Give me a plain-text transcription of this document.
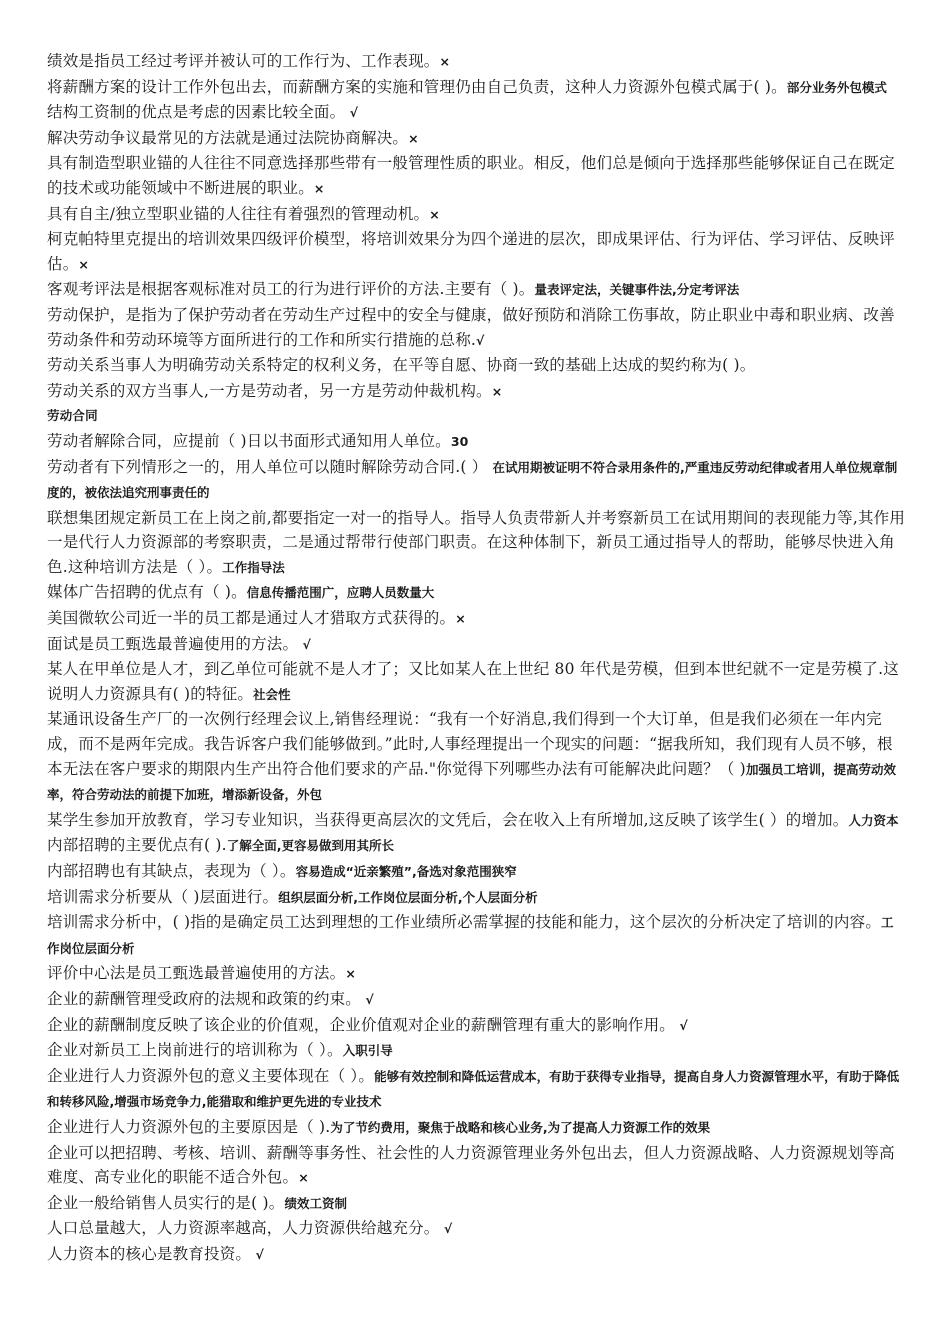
绩效是指员工经过考评并被认可的工作行为、工作表现。×
将薪酬方案的设计工作外包出去，而薪酬方案的实施和管理仍由自己负责，这种人力资源外包模式属于( )。部分业务外包模式
结构工资制的优点是考虑的因素比较全面。 √
解决劳动争议最常见的方法就是通过法院协商解决。×
具有制造型职业锚的人往往不同意选择那些带有一般管理性质的职业。相反，他们总是倾向于选择那些能够保证自己在既定的技术或功能领域中不断进展的职业。×
具有自主/独立型职业锚的人往往有着强烈的管理动机。×
柯克帕特里克提出的培训效果四级评价模型，将培训效果分为四个递进的层次，即成果评估、行为评估、学习评估、反映评估。×
客观考评法是根据客观标准对员工的行为进行评价的方法.主要有（ )。量表评定法，关键事件法,分定考评法
劳动保护，是指为了保护劳动者在劳动生产过程中的安全与健康，做好预防和消除工伤事故，防止职业中毒和职业病、改善劳动条件和劳动环境等方面所进行的工作和所实行措施的总称.√
劳动关系当事人为明确劳动关系特定的权利义务，在平等自愿、协商一致的基础上达成的契约称为( )。
劳动关系的双方当事人,一方是劳动者，另一方是劳动仲裁机构。×
劳动合同
劳动者解除合同，应提前（ )日以书面形式通知用人单位。30
劳动者有下列情形之一的，用人单位可以随时解除劳动合同.( ） 在试用期被证明不符合录用条件的,严重违反劳动纪律或者用人单位规章制度的，被依法追究刑事责任的
联想集团规定新员工在上岗之前,都要指定一对一的指导人。指导人负责带新人并考察新员工在试用期间的表现能力等,其作用一是代行人力资源部的考察职责，二是通过帮带行使部门职责。在这种体制下，新员工通过指导人的帮助，能够尽快进入角色.这种培训方法是（ ）。工作指导法
媒体广告招聘的优点有（ )。信息传播范围广，应聘人员数量大
美国微软公司近一半的员工都是通过人才猎取方式获得的。×
面试是员工甄选最普遍使用的方法。 √
某人在甲单位是人才，到乙单位可能就不是人才了；又比如某人在上世纪 80 年代是劳模，但到本世纪就不一定是劳模了.这说明人力资源具有( )的特征。社会性
某通讯设备生产厂的一次例行经理会议上,销售经理说：“我有一个好消息,我们得到一个大订单，但是我们必须在一年内完成，而不是两年完成。我告诉客户我们能够做到。”此时,人事经理提出一个现实的问题：“据我所知，我们现有人员不够，根本无法在客户要求的期限内生产出符合他们要求的产品."你觉得下列哪些办法有可能解决此问题？（ )加强员工培训，提高劳动效率，符合劳动法的前提下加班，增添新设备，外包
某学生参加开放教育，学习专业知识，当获得更高层次的文凭后，会在收入上有所增加,这反映了该学生( ）的增加。人力资本
内部招聘的主要优点有( ).了解全面,更容易做到用其所长
内部招聘也有其缺点，表现为（ ）。容易造成“近亲繁殖”,备选对象范围狭窄
培训需求分析要从（ )层面进行。组织层面分析,工作岗位层面分析,个人层面分析
培训需求分析中，( )指的是确定员工达到理想的工作业绩所必需掌握的技能和能力，这个层次的分析决定了培训的内容。工作岗位层面分析
评价中心法是员工甄选最普遍使用的方法。×
企业的薪酬管理受政府的法规和政策的约束。 √
企业的薪酬制度反映了该企业的价值观，企业价值观对企业的薪酬管理有重大的影响作用。 √
企业对新员工上岗前进行的培训称为（ ）。入职引导
企业进行人力资源外包的意义主要体现在（ ）。能够有效控制和降低运营成本，有助于获得专业指导，提高自身人力资源管理水平，有助于降低和转移风险,增强市场竞争力,能猎取和维护更先进的专业技术
企业进行人力资源外包的主要原因是（ ).为了节约费用，聚焦于战略和核心业务,为了提高人力资源工作的效果
企业可以把招聘、考核、培训、薪酬等事务性、社会性的人力资源管理业务外包出去，但人力资源战略、人力资源规划等高难度、高专业化的职能不适合外包。×
企业一般给销售人员实行的是( )。绩效工资制
人口总量越大，人力资源率越高，人力资源供给越充分。 √
人力资本的核心是教育投资。 √
